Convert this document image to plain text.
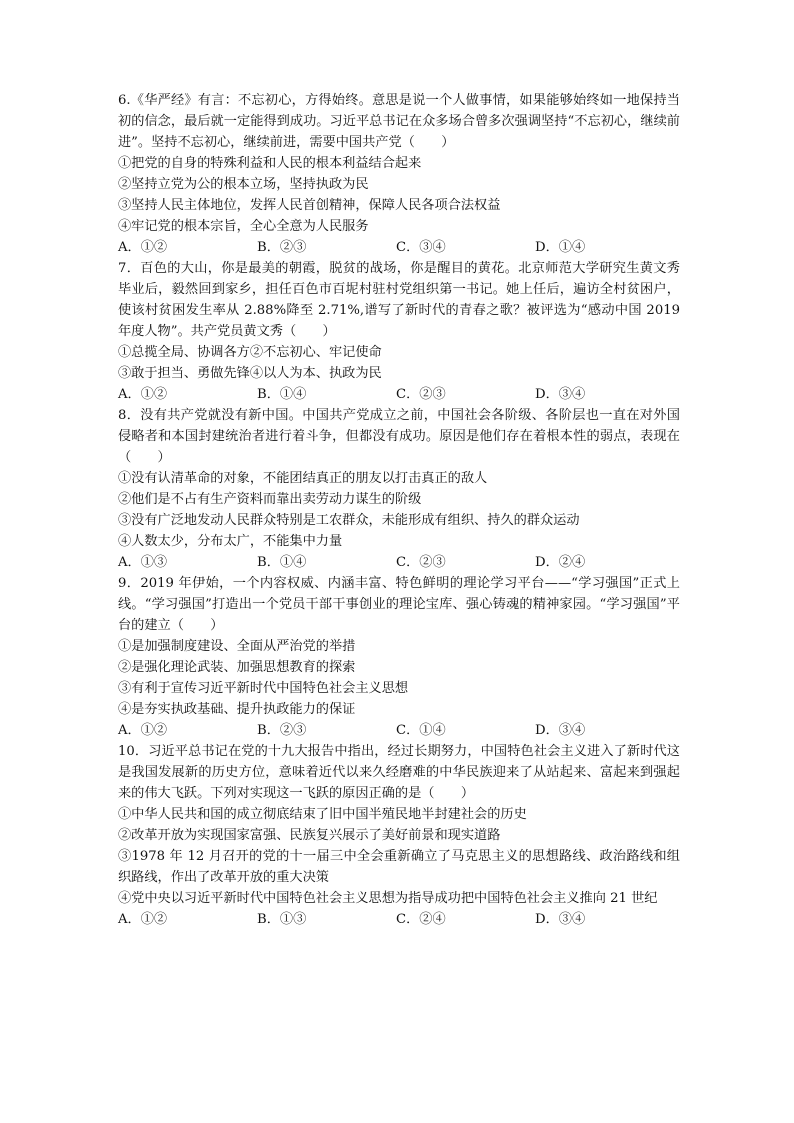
6.《华严经》有言：不忘初心，方得始终。意思是说一个人做事情，如果能够始终如一地保持当初的信念，最后就一定能得到成功。习近平总书记在众多场合曾多次强调坚持“不忘初心，继续前进”。坚持不忘初心，继续前进，需要中国共产党（　　）

①把党的自身的特殊利益和人民的根本利益结合起来

②坚持立党为公的根本立场，坚持执政为民

③坚持人民主体地位，发挥人民首创精神，保障人民各项合法权益

④牢记党的根本宗旨，全心全意为人民服务

A．①②	B．②③	C．③④	D．①④

7．百色的大山，你是最美的朝霞，脱贫的战场，你是醒目的黄花。北京师范大学研究生黄文秀毕业后，毅然回到家乡，担任百色市百坭村驻村党组织第一书记。她上任后，遍访全村贫困户，使该村贫困发生率从 2.88%降至 2.71%,谱写了新时代的青春之歌？被评选为“感动中国 2019 年度人物”。共产党员黄文秀（　　）

①总揽全局、协调各方②不忘初心、牢记使命

③敢于担当、勇做先锋④以人为本、执政为民

A．①②	B．①④	C．②③	D．③④

8．没有共产党就没有新中国。中国共产党成立之前，中国社会各阶级、各阶层也一直在对外国侵略者和本国封建统治者进行着斗争，但都没有成功。原因是他们存在着根本性的弱点，表现在（　　）

①没有认清革命的对象，不能团结真正的朋友以打击真正的敌人

②他们是不占有生产资料而靠出卖劳动力谋生的阶级

③没有广泛地发动人民群众特别是工农群众，未能形成有组织、持久的群众运动

④人数太少，分布太广，不能集中力量

A．①③	B．①④	C．②③	D．②④

9．2019 年伊始，一个内容权威、内涵丰富、特色鲜明的理论学习平台——“学习强国”正式上线。“学习强国”打造出一个党员干部干事创业的理论宝库、强心铸魂的精神家园。“学习强国”平台的建立（　　）

①是加强制度建设、全面从严治党的举措

②是强化理论武装、加强思想教育的探索

③有利于宣传习近平新时代中国特色社会主义思想

④是夯实执政基础、提升执政能力的保证

A．①②	B．②③	C．①④	D．③④

10．习近平总书记在党的十九大报告中指出，经过长期努力，中国特色社会主义进入了新时代这是我国发展新的历史方位，意味着近代以来久经磨难的中华民族迎来了从站起来、富起来到强起来的伟大飞跃。下列对实现这一飞跃的原因正确的是（　　）

①中华人民共和国的成立彻底结束了旧中国半殖民地半封建社会的历史

②改革开放为实现国家富强、民族复兴展示了美好前景和现实道路

③1978 年 12 月召开的党的十一届三中全会重新确立了马克思主义的思想路线、政治路线和组织路线，作出了改革开放的重大决策

④党中央以习近平新时代中国特色社会主义思想为指导成功把中国特色社会主义推向 21 世纪

A．①②	B．①③	C．②④	D．③④
